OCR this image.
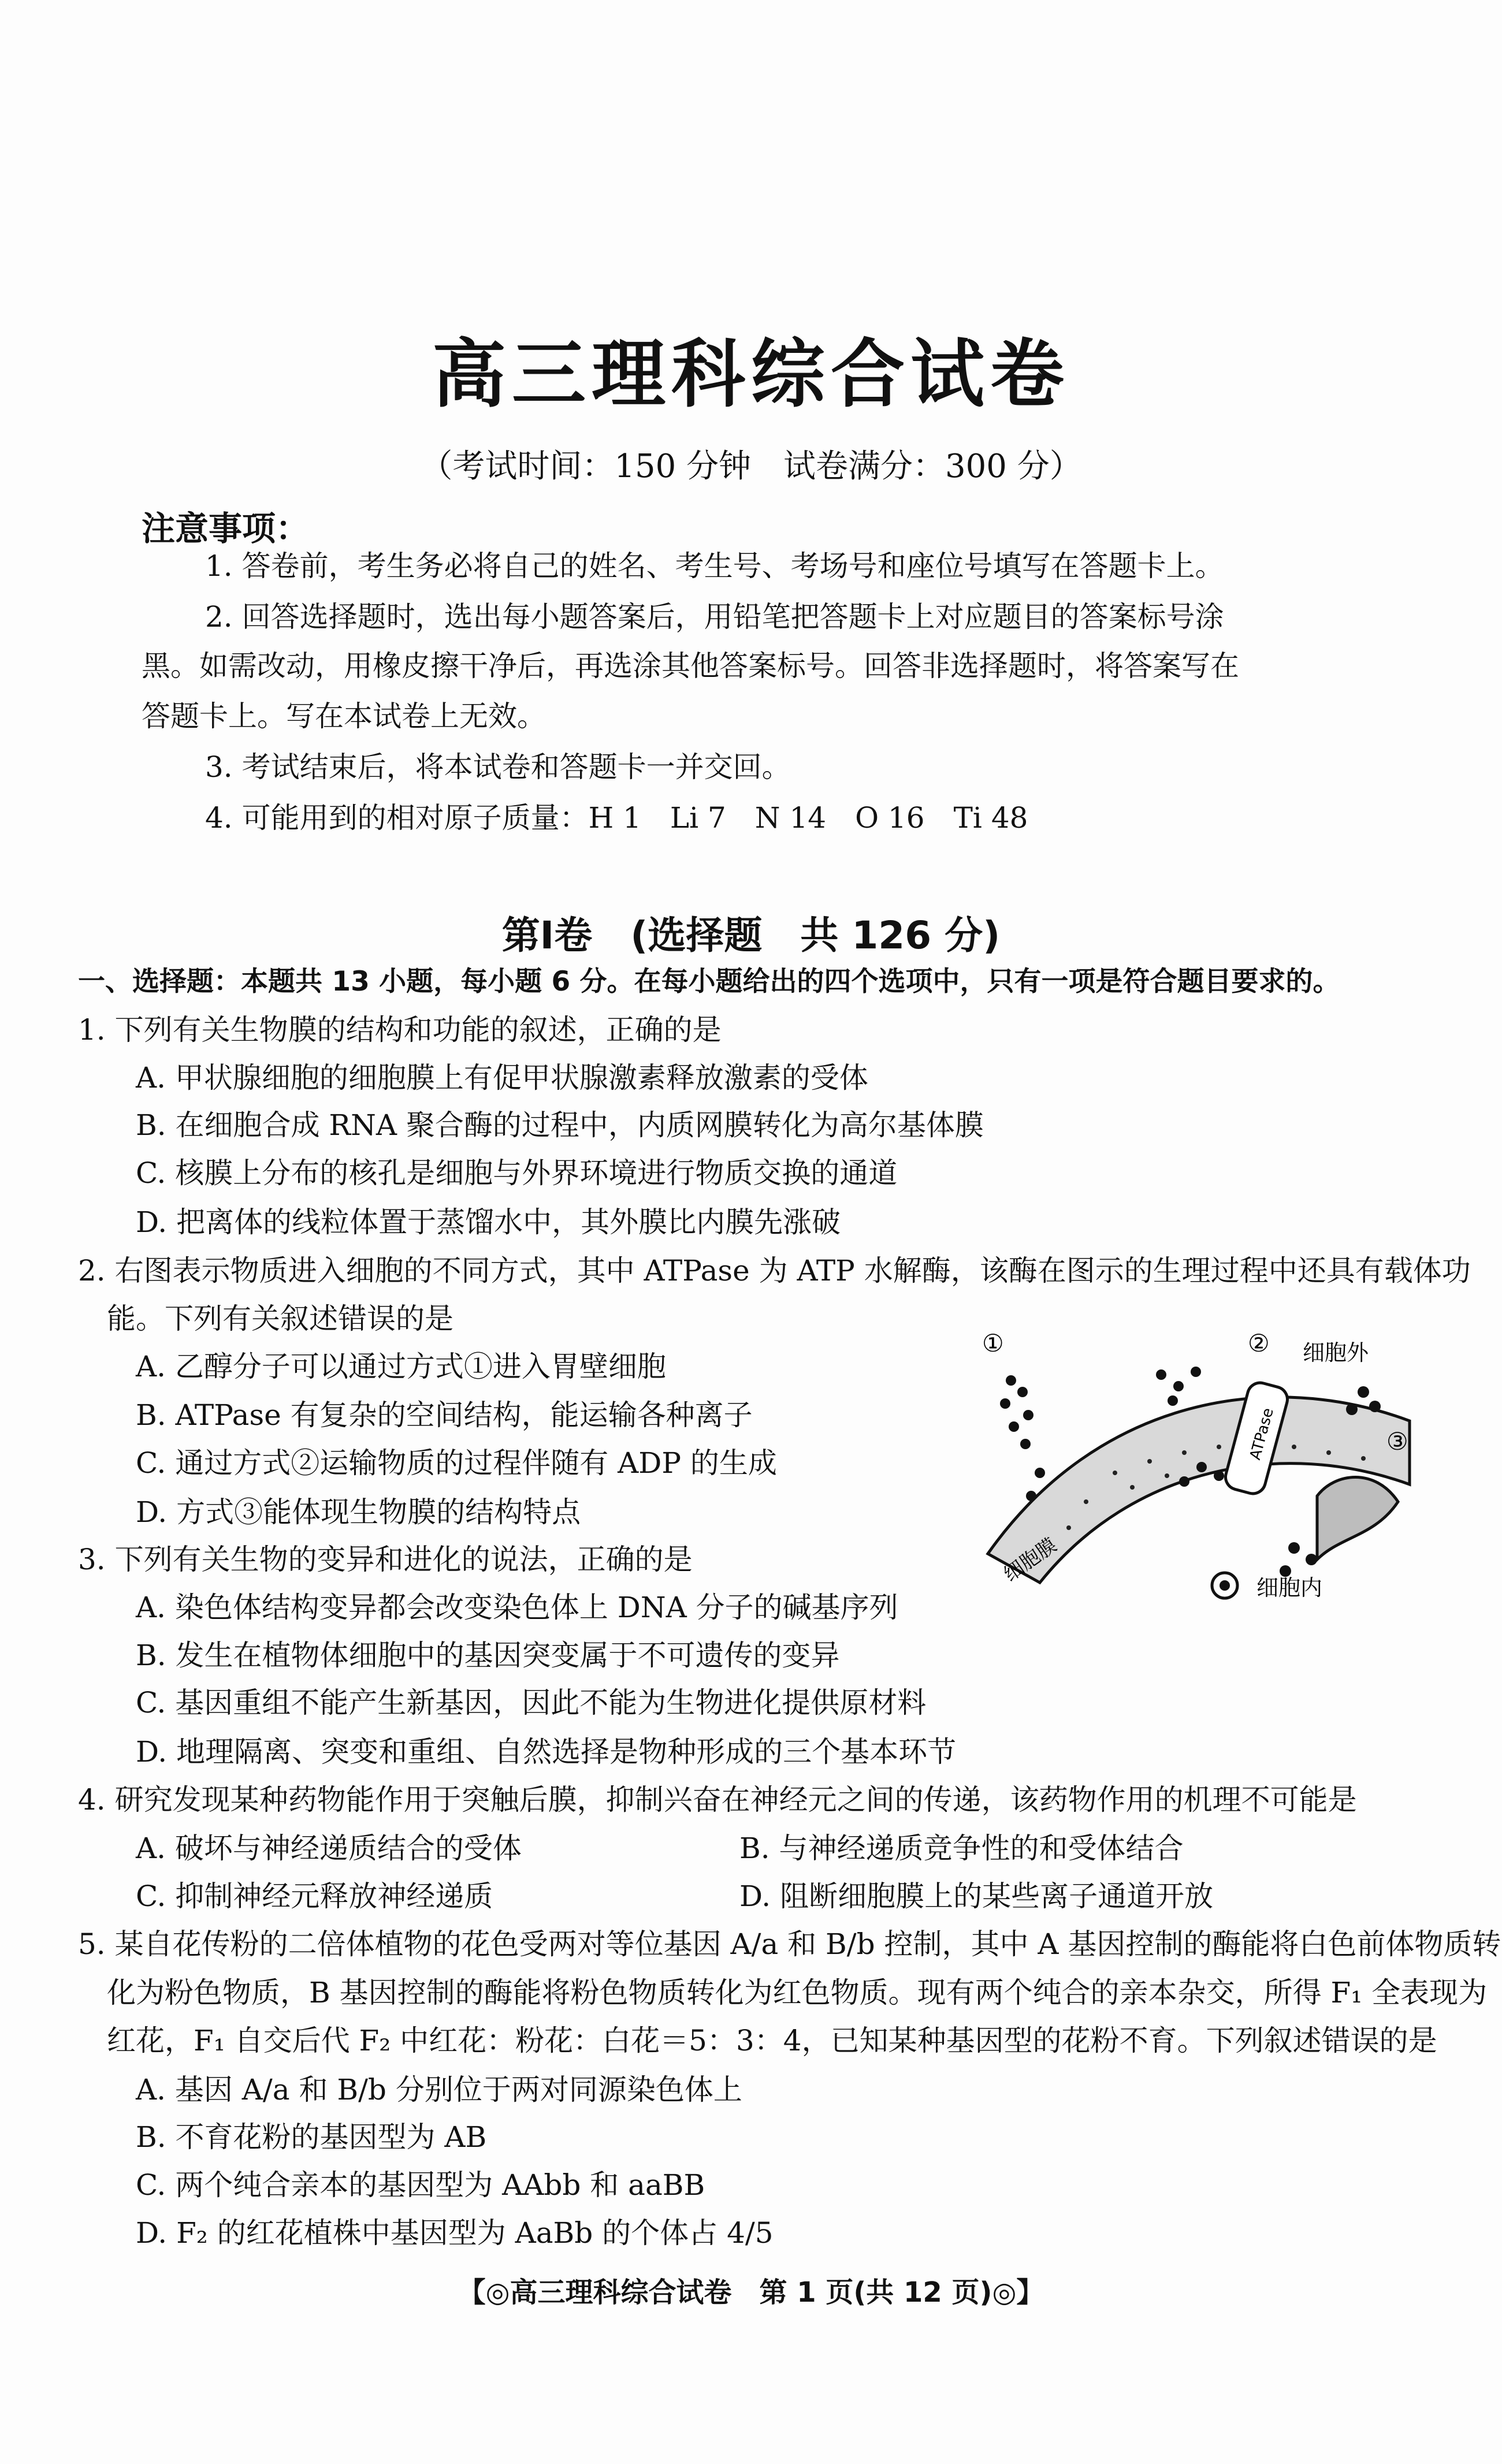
高三理科综合试卷
（考试时间：150 分钟　试卷满分：300 分）
注意事项：
1. 答卷前，考生务必将自己的姓名、考生号、考场号和座位号填写在答题卡上。
2. 回答选择题时，选出每小题答案后，用铅笔把答题卡上对应题目的答案标号涂
黑。如需改动，用橡皮擦干净后，再选涂其他答案标号。回答非选择题时，将答案写在
答题卡上。写在本试卷上无效。
3. 考试结束后，将本试卷和答题卡一并交回。
4. 可能用到的相对原子质量：H 1　Li 7　N 14　O 16　Ti 48
第Ⅰ卷　(选择题　共 126 分)
一、选择题：本题共 13 小题，每小题 6 分。在每小题给出的四个选项中，只有一项是符合题目要求的。
1. 下列有关生物膜的结构和功能的叙述，正确的是
A. 甲状腺细胞的细胞膜上有促甲状腺激素释放激素的受体
B. 在细胞合成 RNA 聚合酶的过程中，内质网膜转化为高尔基体膜
C. 核膜上分布的核孔是细胞与外界环境进行物质交换的通道
D. 把离体的线粒体置于蒸馏水中，其外膜比内膜先涨破
2. 右图表示物质进入细胞的不同方式，其中 ATPase 为 ATP 水解酶，该酶在图示的生理过程中还具有载体功
能。下列有关叙述错误的是
A. 乙醇分子可以通过方式①进入胃壁细胞
B. ATPase 有复杂的空间结构，能运输各种离子
C. 通过方式②运输物质的过程伴随有 ADP 的生成
D. 方式③能体现生物膜的结构特点
ATPase
①	②
③
细胞外
细胞内
细胞膜
3. 下列有关生物的变异和进化的说法，正确的是
A. 染色体结构变异都会改变染色体上 DNA 分子的碱基序列
B. 发生在植物体细胞中的基因突变属于不可遗传的变异
C. 基因重组不能产生新基因，因此不能为生物进化提供原材料
D. 地理隔离、突变和重组、自然选择是物种形成的三个基本环节
4. 研究发现某种药物能作用于突触后膜，抑制兴奋在神经元之间的传递，该药物作用的机理不可能是
A. 破坏与神经递质结合的受体	B. 与神经递质竞争性的和受体结合
C. 抑制神经元释放神经递质	D. 阻断细胞膜上的某些离子通道开放
5. 某自花传粉的二倍体植物的花色受两对等位基因 A/a 和 B/b 控制，其中 A 基因控制的酶能将白色前体物质转
化为粉色物质，B 基因控制的酶能将粉色物质转化为红色物质。现有两个纯合的亲本杂交，所得 F₁ 全表现为
红花，F₁ 自交后代 F₂ 中红花：粉花：白花＝5：3：4，已知某种基因型的花粉不育。下列叙述错误的是
A. 基因 A/a 和 B/b 分别位于两对同源染色体上
B. 不育花粉的基因型为 AB
C. 两个纯合亲本的基因型为 AAbb 和 aaBB
D. F₂ 的红花植株中基因型为 AaBb 的个体占 4/5
【◎高三理科综合试卷　第 1 页(共 12 页)◎】
